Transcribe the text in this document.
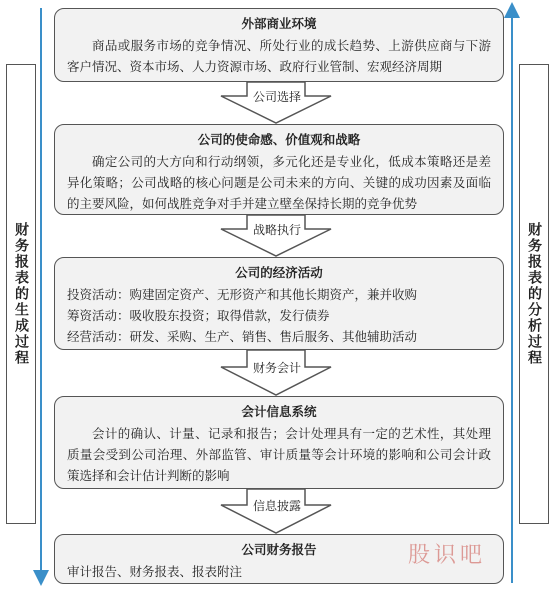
财务报表的生成过程	财务报表的分析过程
外部商业环境
商品或服务市场的竞争情况、所处行业的成长趋势、上游供应商与下游客户情况、资本市场、人力资源市场、政府行业管制、宏观经济周期
公司选择
公司的使命感、价值观和战略
确定公司的大方向和行动纲领，多元化还是专业化，低成本策略还是差异化策略；公司战略的核心问题是公司未来的方向、关键的成功因素及面临的主要风险，如何战胜竞争对手并建立壁垒保持长期的竞争优势
战略执行
公司的经济活动
投资活动：购建固定资产、无形资产和其他长期资产，兼并收购
筹资活动：吸收股东投资；取得借款，发行债券
经营活动：研发、采购、生产、销售、售后服务、其他辅助活动
财务会计
会计信息系统
会计的确认、计量、记录和报告；会计处理具有一定的艺术性，其处理质量会受到公司治理、外部监管、审计质量等会计环境的影响和公司会计政策选择和会计估计判断的影响
信息披露
公司财务报告
审计报告、财务报表、报表附注
股识吧
